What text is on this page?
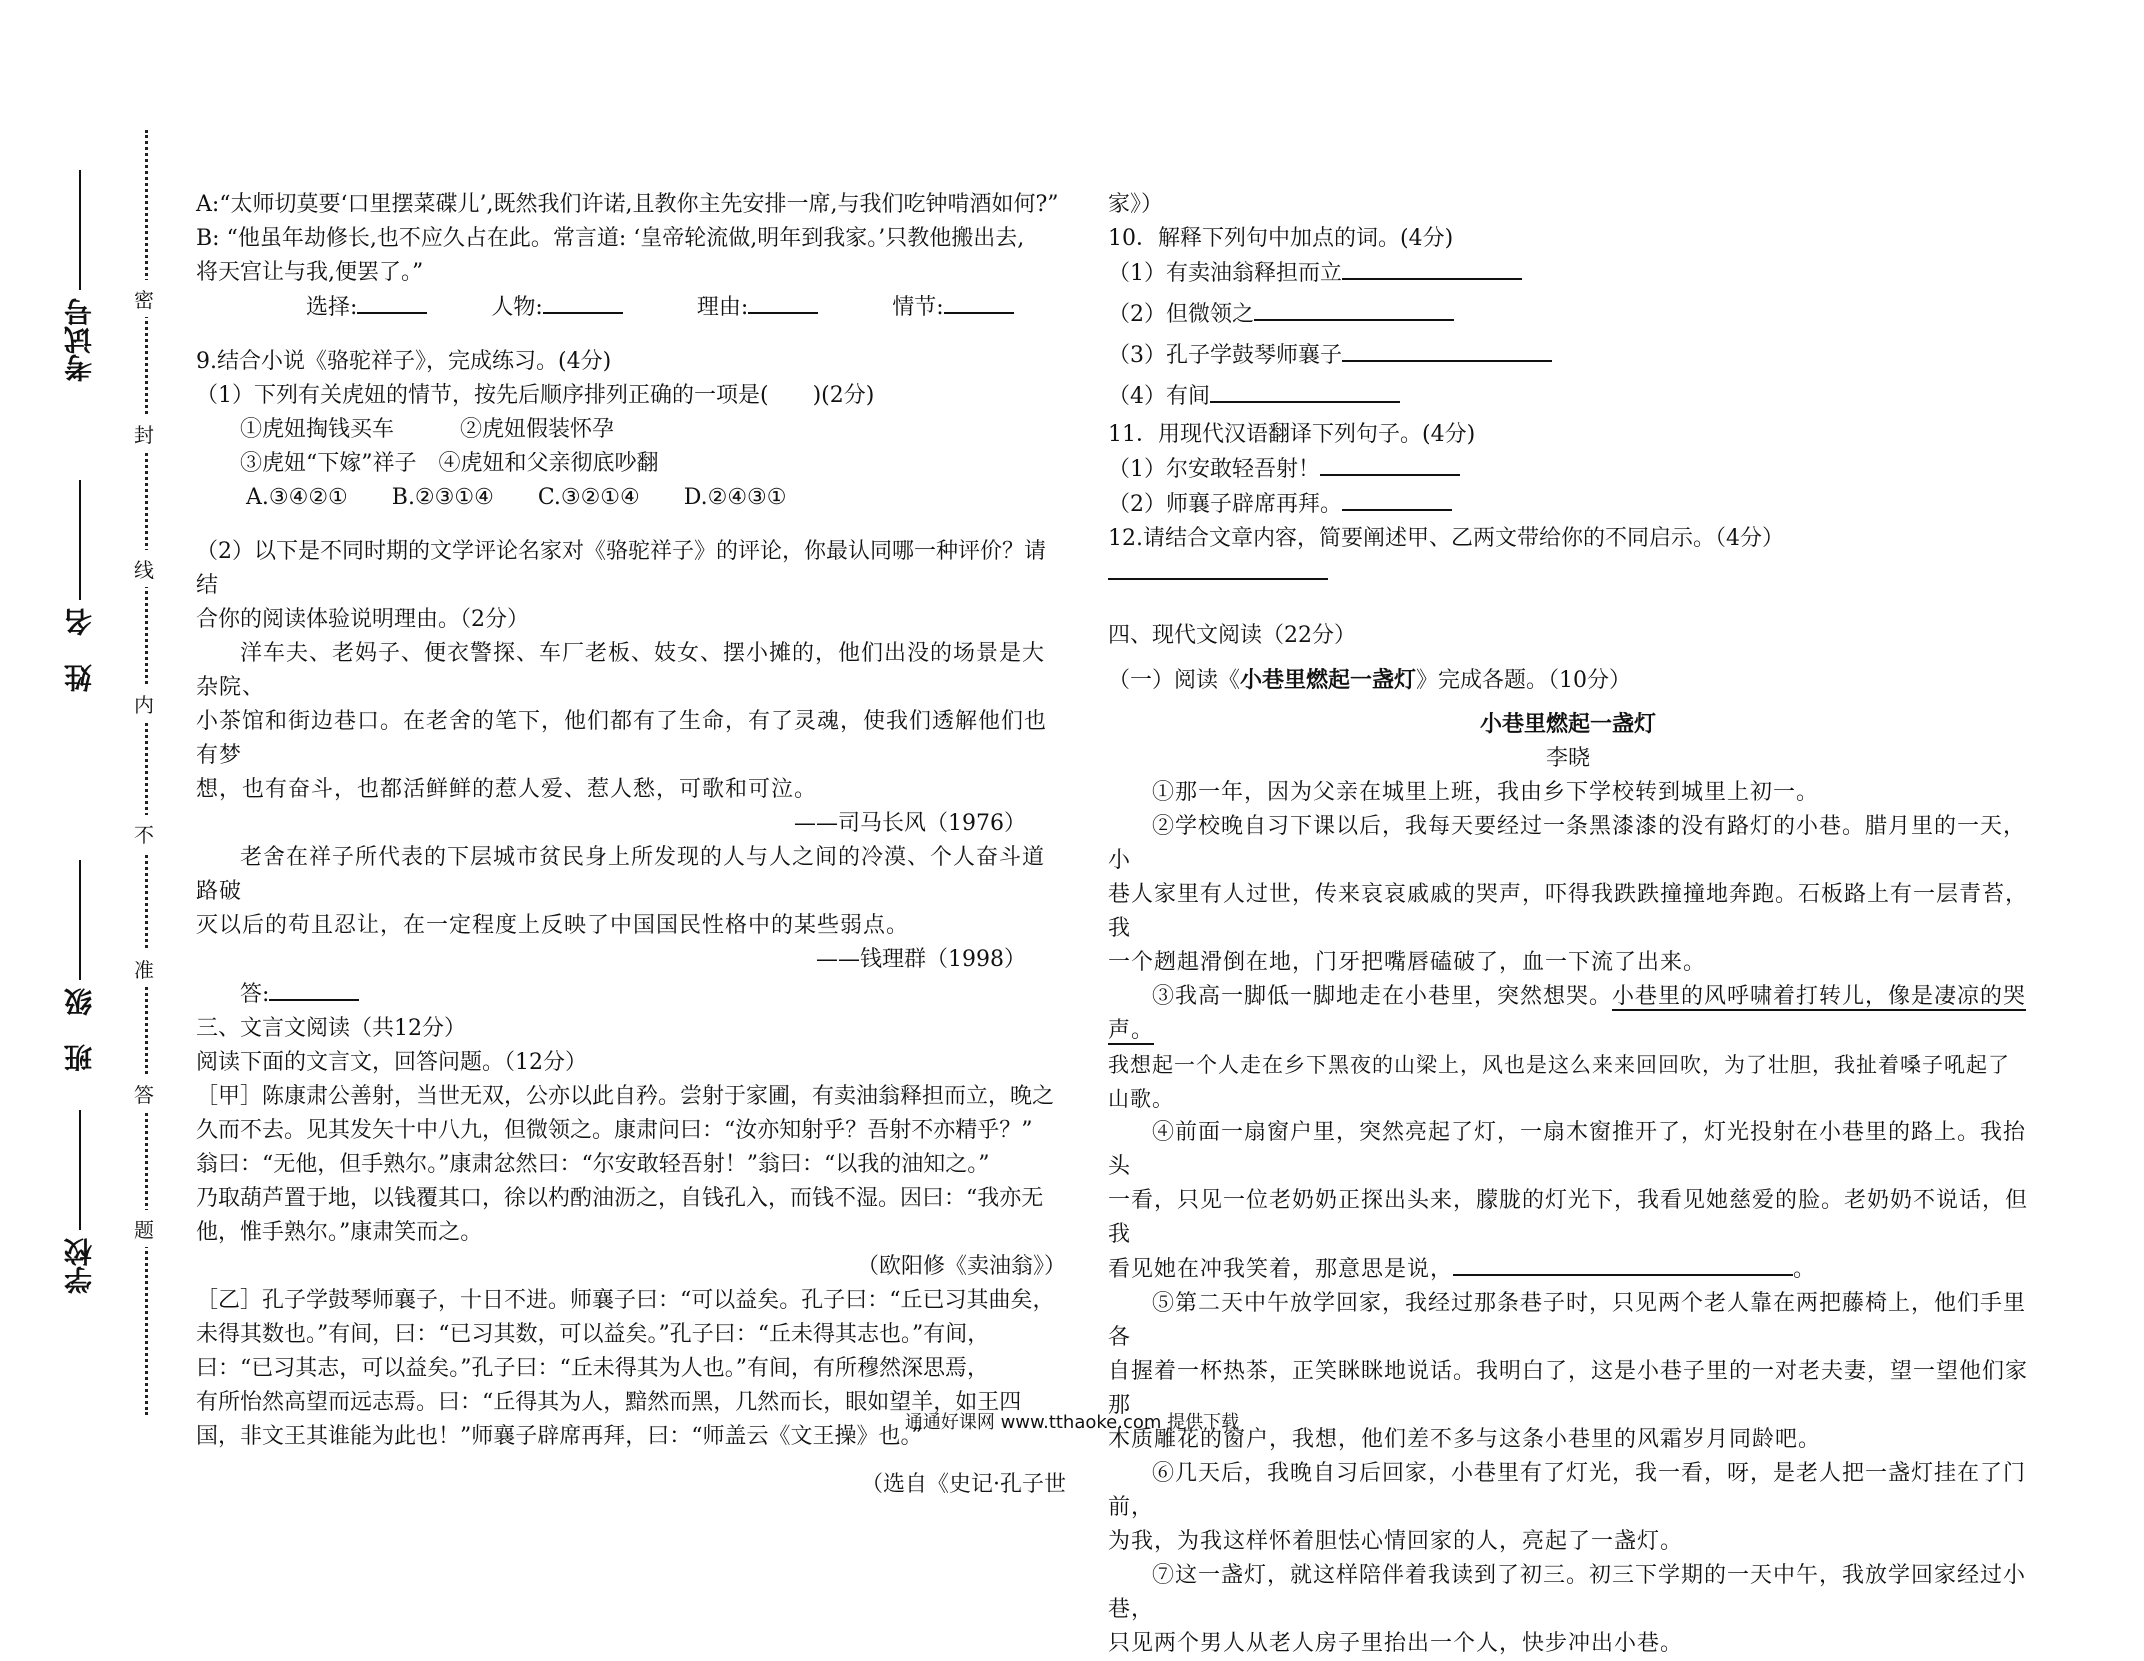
考试号
姓　名
班　级
学校
密
封
线
内
不
准
答
题

A:“太师切莫要‘口里摆菜碟儿’,既然我们许诺,且教你主先安排一席,与我们吃钟啃酒如何?”

B: “他虽年劫修长,也不应久占在此。常言道: ‘皇帝轮流做,明年到我家。’只教他搬出去,

将天宫让与我,便罢了。”

选择:	人物:	理由:	情节:

9.结合小说《骆驼祥子》，完成练习。(4分)

（1）下列有关虎妞的情节，按先后顺序排列正确的一项是(　　)(2分)

①虎妞掏钱买车　　　②虎妞假装怀孕

③虎妞“下嫁”祥子　④虎妞和父亲彻底吵翻

A.③④②①　　B.②③①④　　C.③②①④　　D.②④③①

（2）以下是不同时期的文学评论名家对《骆驼祥子》的评论，你最认同哪一种评价？请结

合你的阅读体验说明理由。（2分）

洋车夫、老妈子、便衣警探、车厂老板、妓女、摆小摊的，他们出没的场景是大杂院、

小茶馆和街边巷口。在老舍的笔下，他们都有了生命，有了灵魂，使我们透解他们也有梦

想，也有奋斗，也都活鲜鲜的惹人爱、惹人愁，可歌和可泣。

——司马长风（1976）

老舍在祥子所代表的下层城市贫民身上所发现的人与人之间的冷漠、个人奋斗道路破

灭以后的苟且忍让，在一定程度上反映了中国国民性格中的某些弱点。

——钱理群（1998）

答:

三、文言文阅读（共12分）

阅读下面的文言文，回答问题。（12分）

［甲］陈康肃公善射，当世无双，公亦以此自矜。尝射于家圃，有卖油翁释担而立，晚之

久而不去。见其发矢十中八九，但微领之。康肃问曰：“汝亦知射乎？吾射不亦精乎？”

翁曰：“无他，但手熟尔。”康肃忿然曰：“尔安敢轻吾射！”翁曰：“以我的油知之。”

乃取葫芦置于地，以钱覆其口，徐以杓酌油沥之，自钱孔入，而钱不湿。因曰：“我亦无

他，惟手熟尔。”康肃笑而之。

（欧阳修《卖油翁》）

［乙］孔子学鼓琴师襄子，十日不进。师襄子曰：“可以益矣。孔子曰：“丘已习其曲矣，

未得其数也。”有间，曰：“已习其数，可以益矣。”孔子曰：“丘未得其志也。”有间，

曰：“已习其志，可以益矣。”孔子曰：“丘未得其为人也。”有间，有所穆然深思焉，

有所怡然高望而远志焉。曰：“丘得其为人，黯然而黑，几然而长，眼如望羊，如王四

国，非文王其谁能为此也！”师襄子辟席再拜，曰：“师盖云《文王操》也。”

（选自《史记·孔子世

家》）

10．解释下列句中加点的词。(4分)

（1）有卖油翁释担而立

（2）但微领之

（3）孔子学鼓琴师襄子

（4）有间

11．用现代汉语翻译下列句子。(4分)

（1）尔安敢轻吾射！

（2）师襄子辟席再拜。

12.请结合文章内容，简要阐述甲、乙两文带给你的不同启示。（4分）

四、现代文阅读（22分）

（一）阅读《小巷里燃起一盏灯》完成各题。（10分）

小巷里燃起一盏灯

李晓

①那一年，因为父亲在城里上班，我由乡下学校转到城里上初一。

②学校晚自习下课以后，我每天要经过一条黑漆漆的没有路灯的小巷。腊月里的一天，小

巷人家里有人过世，传来哀哀戚戚的哭声，吓得我跌跌撞撞地奔跑。石板路上有一层青苔，我

一个趔趄滑倒在地，门牙把嘴唇磕破了，血一下流了出来。

③我高一脚低一脚地走在小巷里，突然想哭。小巷里的风呼啸着打转儿，像是凄凉的哭声。

我想起一个人走在乡下黑夜的山梁上，风也是这么来来回回吹，为了壮胆，我扯着嗓子吼起了山歌。

④前面一扇窗户里，突然亮起了灯，一扇木窗推开了，灯光投射在小巷里的路上。我抬头

一看，只见一位老奶奶正探出头来，朦胧的灯光下，我看见她慈爱的脸。老奶奶不说话，但我

看见她在冲我笑着，那意思是说，	。

⑤第二天中午放学回家，我经过那条巷子时，只见两个老人靠在两把藤椅上，他们手里各

自握着一杯热茶，正笑眯眯地说话。我明白了，这是小巷子里的一对老夫妻，望一望他们家那

木质雕花的窗户，我想，他们差不多与这条小巷里的风霜岁月同龄吧。

⑥几天后，我晚自习后回家，小巷里有了灯光，我一看，呀，是老人把一盏灯挂在了门前，

为我，为我这样怀着胆怯心情回家的人，亮起了一盏灯。

⑦这一盏灯，就这样陪伴着我读到了初三。初三下学期的一天中午，我放学回家经过小巷，

只见两个男人从老人房子里抬出一个人，快步冲出小巷。

通通好课网 www.tthaoke.com 提供下载
